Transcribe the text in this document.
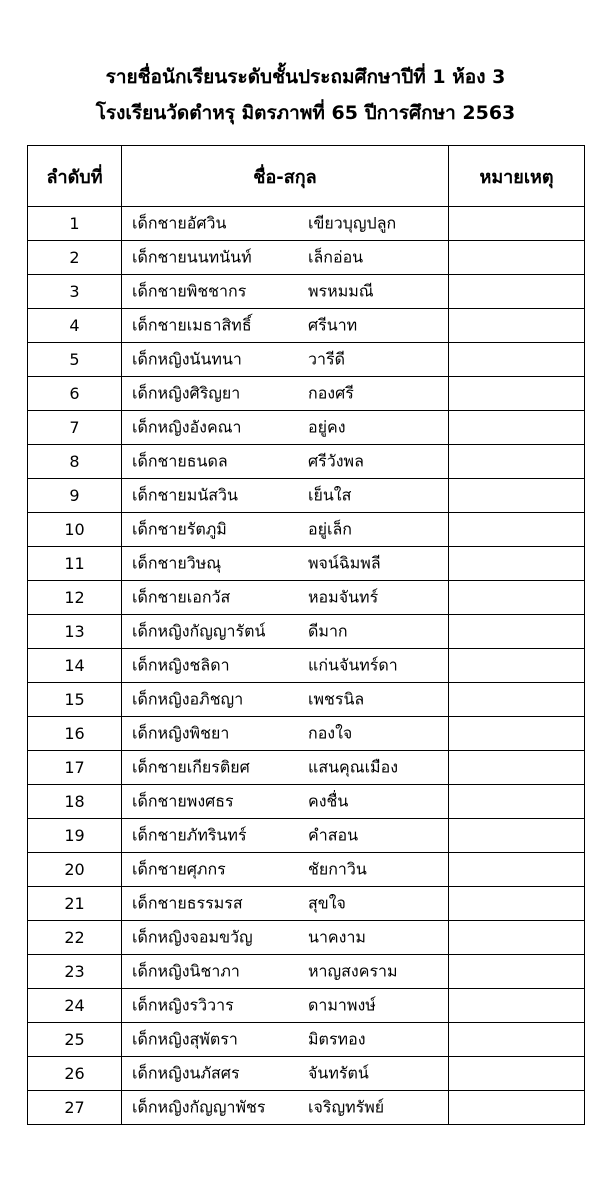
รายชื่อนักเรียนระดับชั้นประถมศึกษาปีที่ 1 ห้อง 3
โรงเรียนวัดตำหรุ มิตรภาพที่ 65 ปีการศึกษา 2563
ลำดับที่	ชื่อ-สกุล	หมายเหตุ
1	เด็กชายอัศวิน เขียวบุญปลูก	

2	เด็กชายนนทนันท์ เล็กอ่อน	

3	เด็กชายพิชชากร พรหมมณี	

4	เด็กชายเมธาสิทธิ์ ศรีนาท	

5	เด็กหญิงนันทนา วารีดี	

6	เด็กหญิงศิริญยา กองศรี	

7	เด็กหญิงอังคณา อยู่คง	

8	เด็กชายธนดล ศรีวังพล	

9	เด็กชายมนัสวิน เย็นใส	

10	เด็กชายรัตภูมิ อยู่เล็ก	

11	เด็กชายวิษณุ พจน์ฉิมพลี	

12	เด็กชายเอกวัส หอมจันทร์	

13	เด็กหญิงกัญญารัตน์ ดีมาก	

14	เด็กหญิงชลิดา แก่นจันทร์ดา	

15	เด็กหญิงอภิชญา เพชรนิล	

16	เด็กหญิงพิชยา กองใจ	

17	เด็กชายเกียรติยศ แสนคุณเมือง	

18	เด็กชายพงศธร คงชื่น	

19	เด็กชายภัทรินทร์ คำสอน	

20	เด็กชายศุภกร ชัยกาวิน	

21	เด็กชายธรรมรส สุขใจ	

22	เด็กหญิงจอมขวัญ นาคงาม	

23	เด็กหญิงนิชาภา หาญสงคราม	

24	เด็กหญิงรวิวาร ดามาพงษ์	

25	เด็กหญิงสุพัตรา มิตรทอง	

26	เด็กหญิงนภัสศร จันทรัตน์	

27	เด็กหญิงกัญญาพัชร เจริญทรัพย์	
